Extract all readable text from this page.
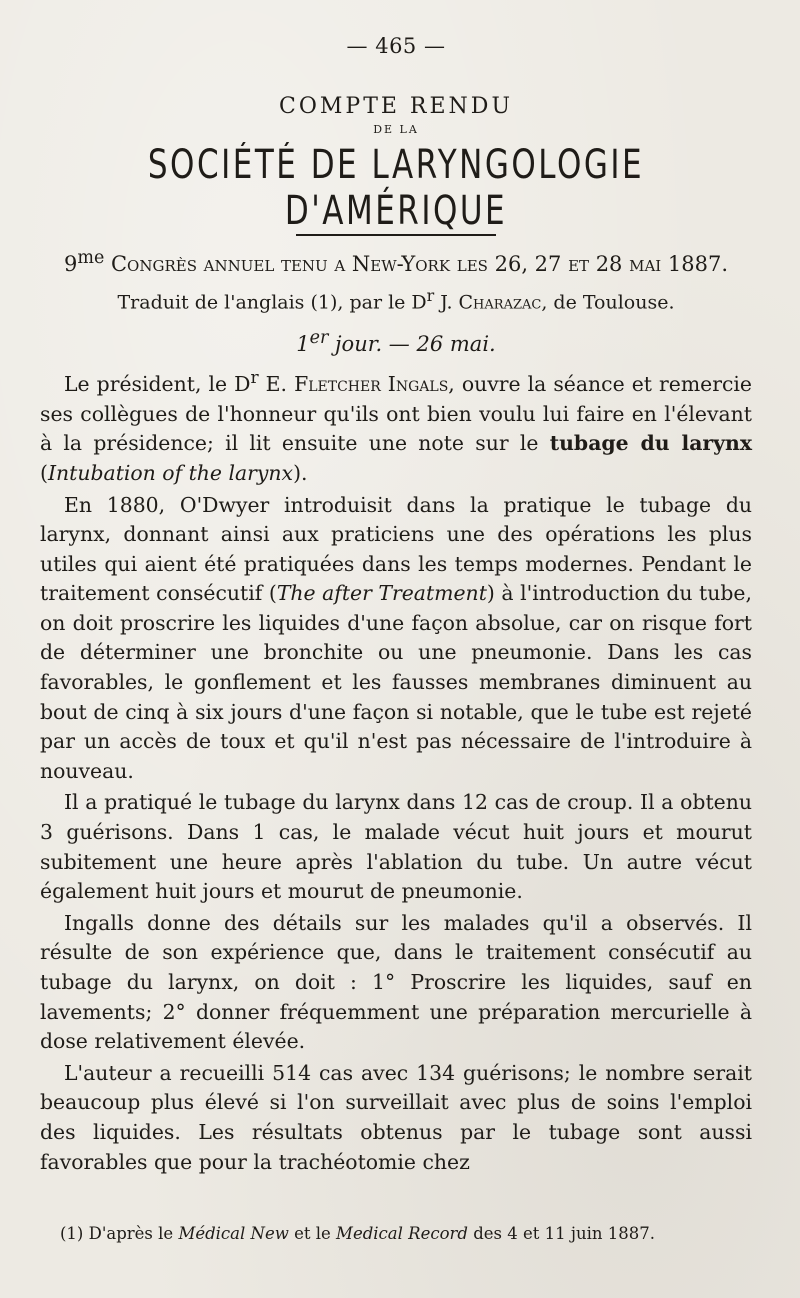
— 465 —
COMPTE RENDU
DE LA
SOCIÉTÉ DE LARYNGOLOGIE D'AMÉRIQUE
$9^{me}$ Congrès annuel tenu a New-York les 26, 27 et 28 mai 1887.
Traduit de l'anglais (1), par le $D^r$ J. Charazac, de Toulouse.
1er jour. — 26 mai.

Le président, le $D^r$ E. Fletcher Ingals, ouvre la séance et remercie ses collègues de l'honneur qu'ils ont bien voulu lui faire en l'élevant à la présidence; il lit ensuite une note sur le tubage du larynx (Intubation of the larynx).

En 1880, O'Dwyer introduisit dans la pratique le tubage du larynx, donnant ainsi aux praticiens une des opérations les plus utiles qui aient été pratiquées dans les temps modernes. Pendant le traitement consécutif (The after Treatment) à l'introduction du tube, on doit proscrire les liquides d'une façon absolue, car on risque fort de déterminer une bronchite ou une pneumonie. Dans les cas favorables, le gonflement et les fausses membranes diminuent au bout de cinq à six jours d'une façon si notable, que le tube est rejeté par un accès de toux et qu'il n'est pas nécessaire de l'introduire à nouveau.

Il a pratiqué le tubage du larynx dans 12 cas de croup. Il a obtenu 3 guérisons. Dans 1 cas, le malade vécut huit jours et mourut subitement une heure après l'ablation du tube. Un autre vécut également huit jours et mourut de pneumonie.

Ingalls donne des détails sur les malades qu'il a observés. Il résulte de son expérience que, dans le traitement consécutif au tubage du larynx, on doit : 1° Proscrire les liquides, sauf en lavements; 2° donner fréquemment une préparation mercurielle à dose relativement élevée.

L'auteur a recueilli 514 cas avec 134 guérisons; le nombre serait beaucoup plus élevé si l'on surveillait avec plus de soins l'emploi des liquides. Les résultats obtenus par le tubage sont aussi favorables que pour la trachéotomie chez

(1) D'après le Médical New et le Medical Record des 4 et 11 juin 1887.
